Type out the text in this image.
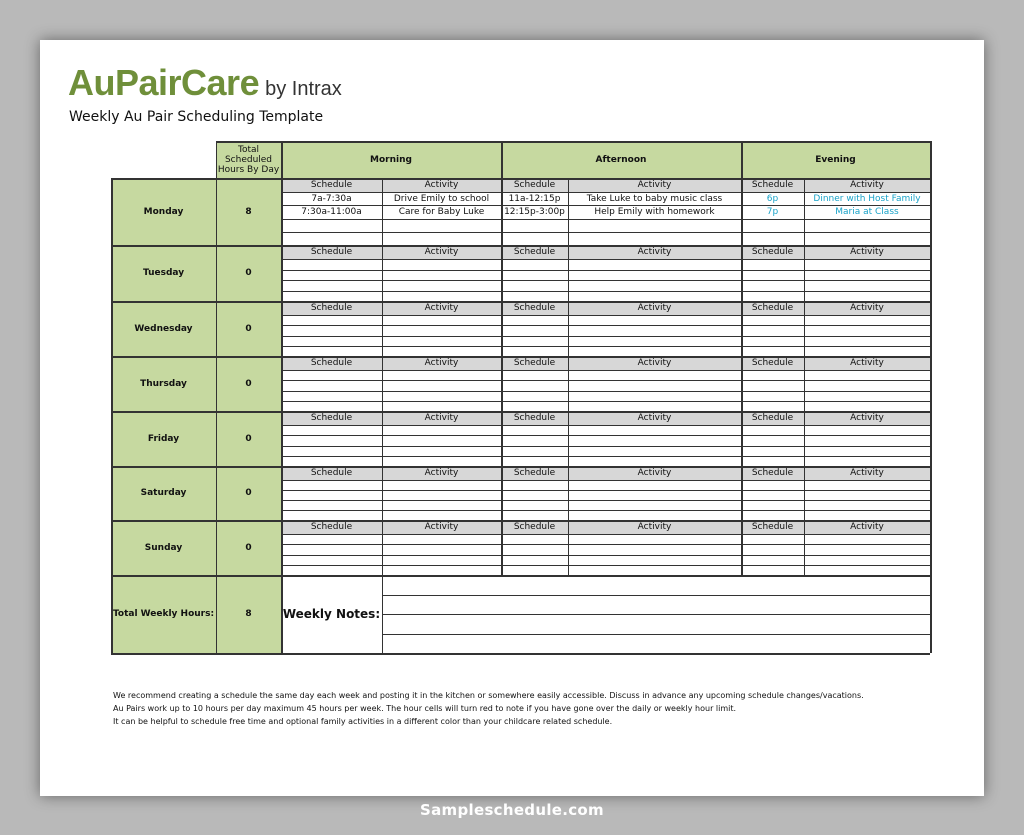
AuPairCare by Intrax
Weekly Au Pair Scheduling Template
Total Scheduled Hours By Day
Morning	Afternoon	Evening
Monday	8
Schedule	Activity	Schedule	Activity	Schedule	Activity
7a-7:30a	Drive Emily to school	11a-12:15p	Take Luke to baby music class	6p	Dinner with Host Family
7:30a-11:00a	Care for Baby Luke	12:15p-3:00p	Help Emily with homework	7p	Maria at Class
Tuesday	0
Schedule	Activity	Schedule	Activity	Schedule	Activity
Wednesday	0
Schedule	Activity	Schedule	Activity	Schedule	Activity
Thursday	0
Schedule	Activity	Schedule	Activity	Schedule	Activity
Friday	0
Schedule	Activity	Schedule	Activity	Schedule	Activity
Saturday	0
Schedule	Activity	Schedule	Activity	Schedule	Activity
Sunday	0
Schedule	Activity	Schedule	Activity	Schedule	Activity
Total Weekly Hours:	8	Weekly Notes:
We recommend creating a schedule the same day each week and posting it in the kitchen or somewhere easily accessible. Discuss in advance any upcoming schedule changes/vacations.
Au Pairs work up to 10 hours per day maximum 45 hours per week. The hour cells will turn red to note if you have gone over the daily or weekly hour limit.
It can be helpful to schedule free time and optional family activities in a different color than your childcare related schedule.
Sampleschedule.com
